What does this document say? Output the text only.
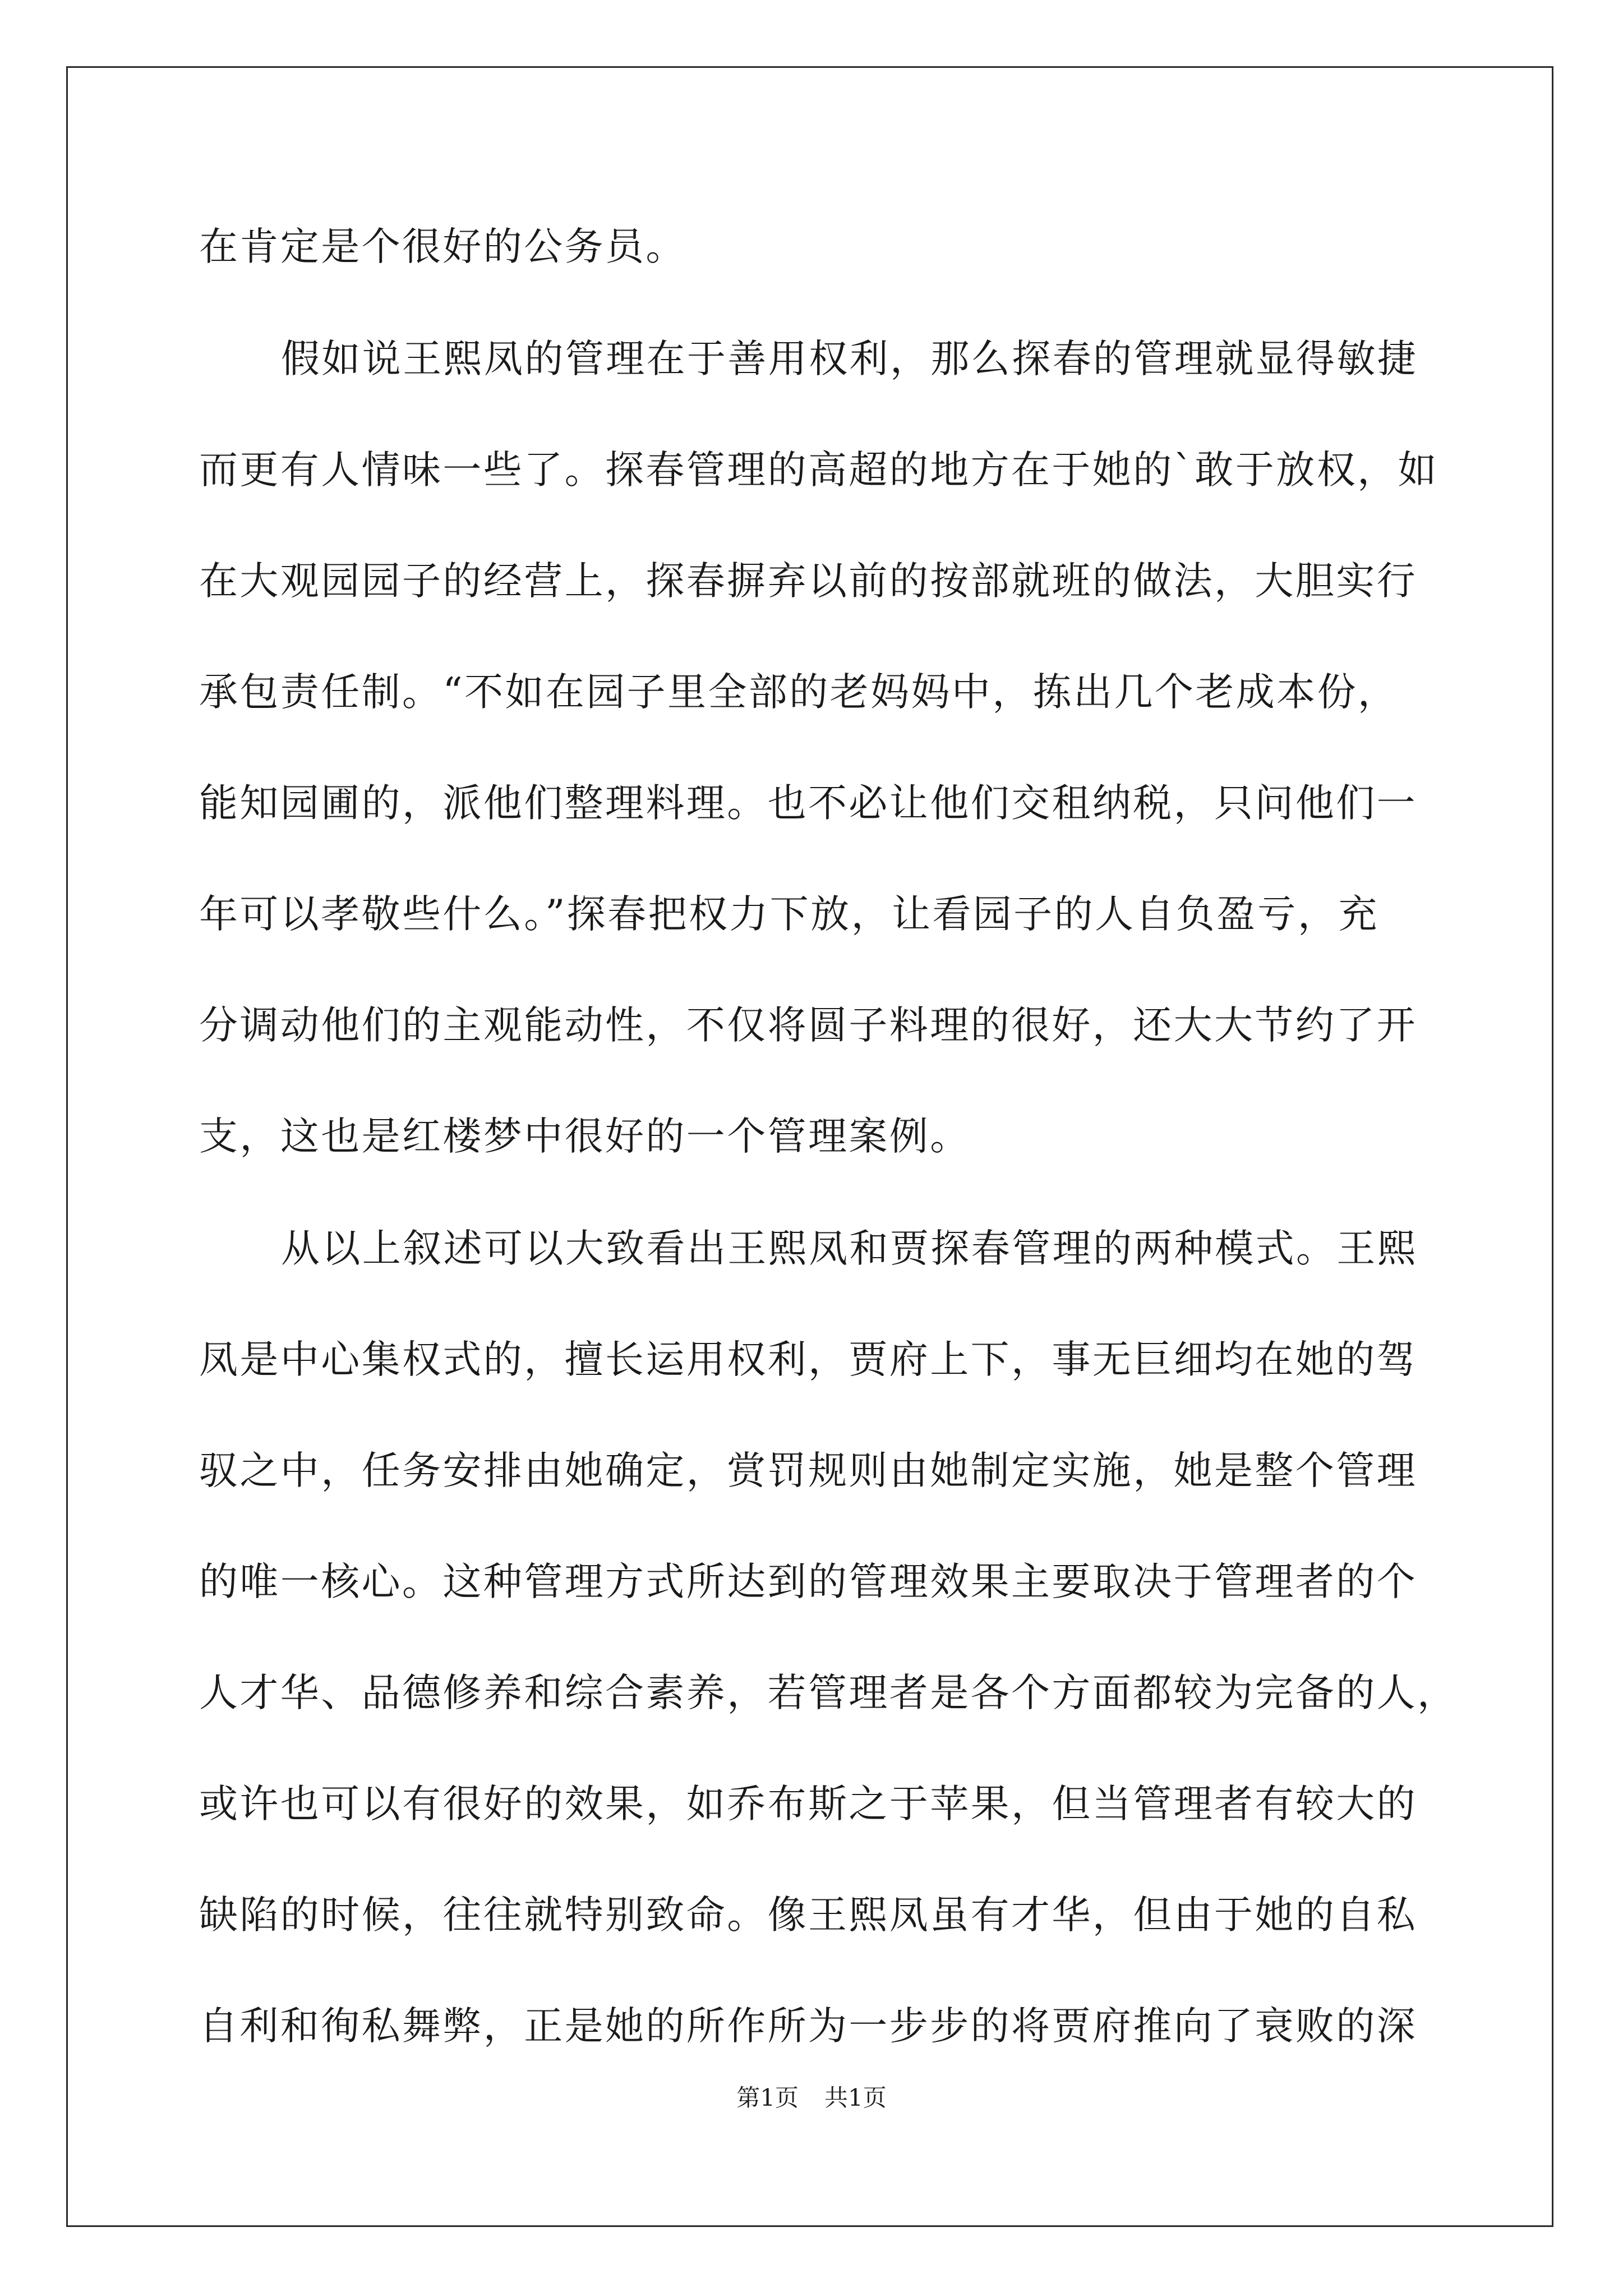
在肯定是个很好的公务员。
假如说王熙凤的管理在于善用权利，那么探春的管理就显得敏捷
而更有人情味一些了。探春管理的高超的地方在于她的`敢于放权，如
在大观园园子的经营上，探春摒弃以前的按部就班的做法，大胆实行
承包责任制。“不如在园子里全部的老妈妈中，拣出几个老成本份，
能知园圃的，派他们整理料理。也不必让他们交租纳税，只问他们一
年可以孝敬些什么。”探春把权力下放，让看园子的人自负盈亏，充
分调动他们的主观能动性，不仅将圆子料理的很好，还大大节约了开
支，这也是红楼梦中很好的一个管理案例。
从以上叙述可以大致看出王熙凤和贾探春管理的两种模式。王熙
凤是中心集权式的，擅长运用权利，贾府上下，事无巨细均在她的驾
驭之中，任务安排由她确定，赏罚规则由她制定实施，她是整个管理
的唯一核心。这种管理方式所达到的管理效果主要取决于管理者的个
人才华、品德修养和综合素养，若管理者是各个方面都较为完备的人，
或许也可以有很好的效果，如乔布斯之于苹果，但当管理者有较大的
缺陷的时候，往往就特别致命。像王熙凤虽有才华，但由于她的自私
自利和徇私舞弊，正是她的所作所为一步步的将贾府推向了衰败的深
第1页 共1页
